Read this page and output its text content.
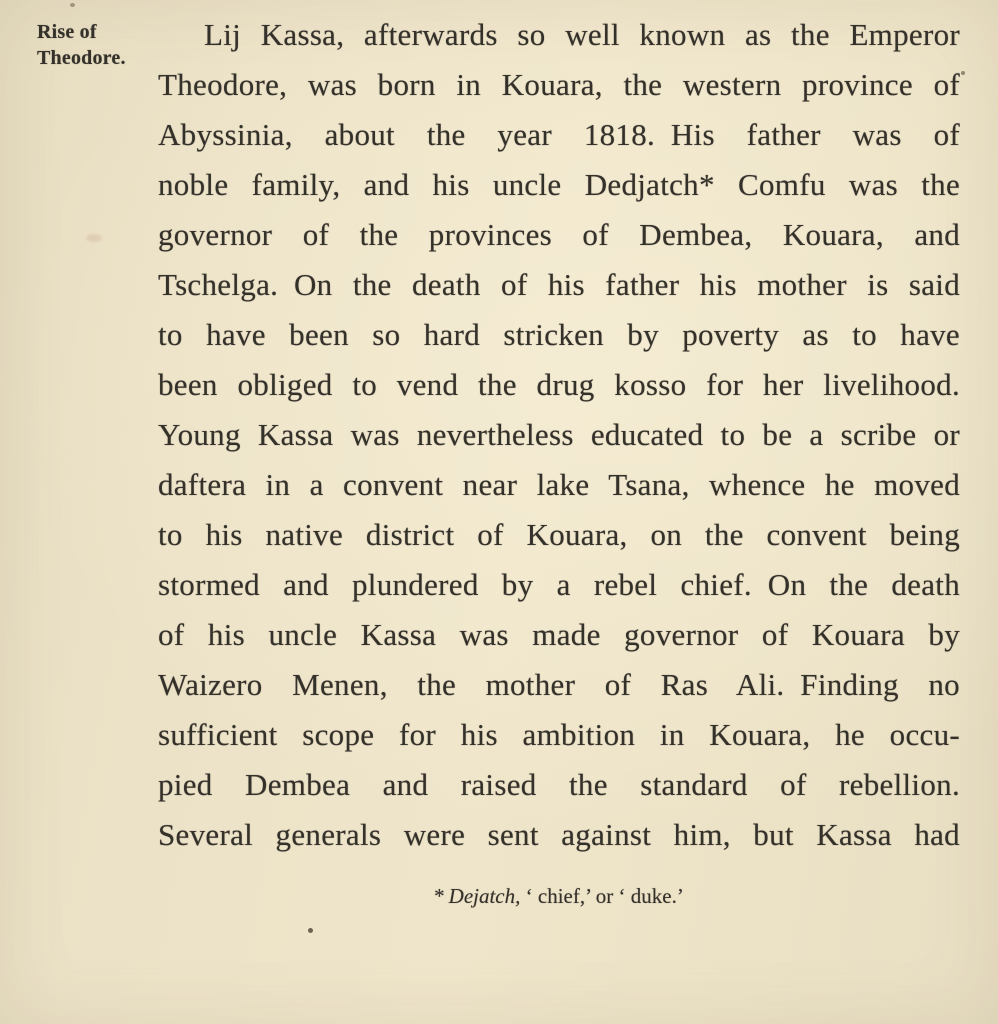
Rise of
Theodore.
Lij Kassa, afterwards so well known as the Emperor
Theodore, was born in Kouara, the western province of
Abyssinia, about the year 1818. His father was of
noble family, and his uncle Dedjatch* Comfu was the
governor of the provinces of Dembea, Kouara, and
Tschelga. On the death of his father his mother is said
to have been so hard stricken by poverty as to have
been obliged to vend the drug kosso for her livelihood.
Young Kassa was nevertheless educated to be a scribe or
daftera in a convent near lake Tsana, whence he moved
to his native district of Kouara, on the convent being
stormed and plundered by a rebel chief. On the death
of his uncle Kassa was made governor of Kouara by
Waizero Menen, the mother of Ras Ali. Finding no
sufficient scope for his ambition in Kouara, he occu-
pied Dembea and raised the standard of rebellion.
Several generals were sent against him, but Kassa had
* Dejatch, ‘ chief,’ or ‘ duke.’
